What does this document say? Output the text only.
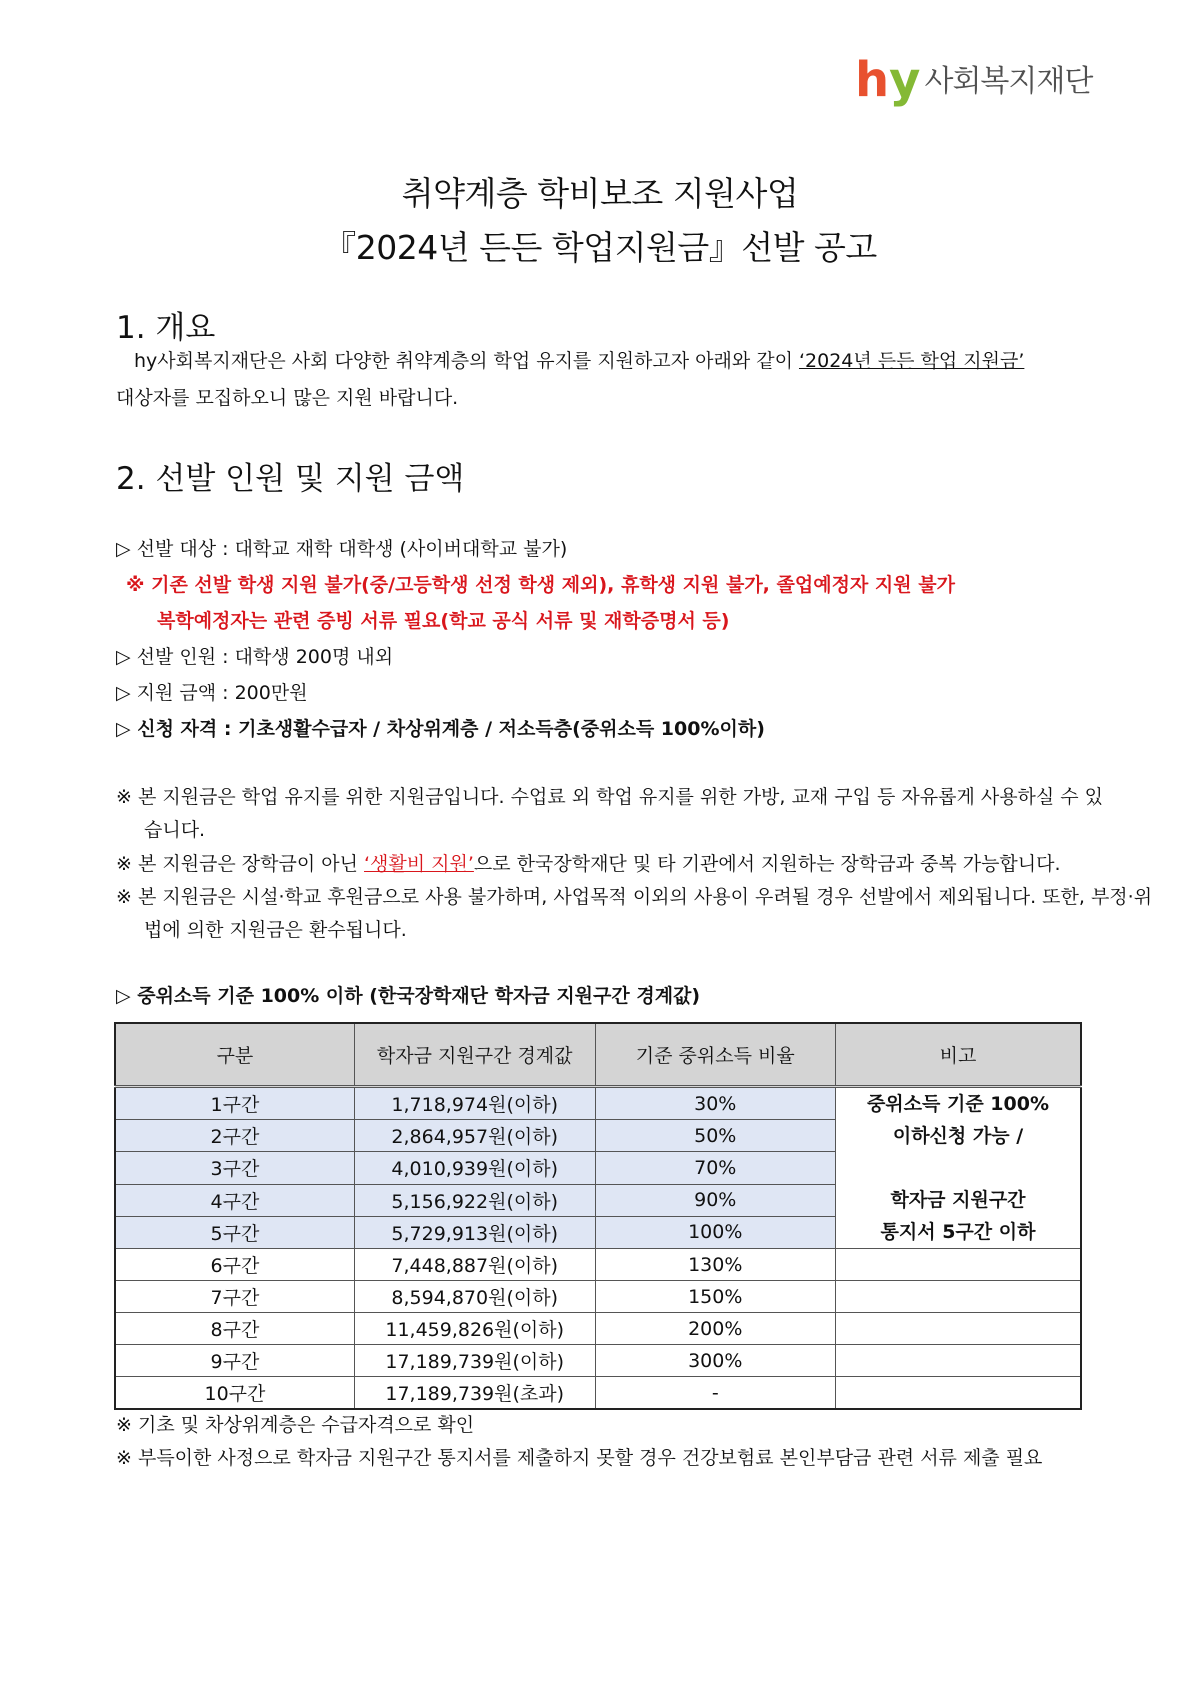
hy 사회복지재단
취약계층 학비보조 지원사업
『2024년 든든 학업지원금』선발 공고
1. 개요
hy사회복지재단은 사회 다양한 취약계층의 학업 유지를 지원하고자 아래와 같이 ‘2024년 든든 학업 지원금’
대상자를 모집하오니 많은 지원 바랍니다.
2. 선발 인원 및 지원 금액
▷ 선발 대상 : 대학교 재학 대학생 (사이버대학교 불가)
※ 기존 선발 학생 지원 불가(중/고등학생 선정 학생 제외), 휴학생 지원 불가, 졸업예정자 지원 불가
복학예정자는 관련 증빙 서류 필요(학교 공식 서류 및 재학증명서 등)
▷ 선발 인원 : 대학생 200명 내외
▷ 지원 금액 : 200만원
▷ 신청 자격 : 기초생활수급자 / 차상위계층 / 저소득층(중위소득 100%이하)
※ 본 지원금은 학업 유지를 위한 지원금입니다. 수업료 외 학업 유지를 위한 가방, 교재 구입 등 자유롭게 사용하실 수 있
습니다.
※ 본 지원금은 장학금이 아닌 ‘생활비 지원’으로 한국장학재단 및 타 기관에서 지원하는 장학금과 중복 가능합니다.
※ 본 지원금은 시설·학교 후원금으로 사용 불가하며, 사업목적 이외의 사용이 우려될 경우 선발에서 제외됩니다. 또한, 부정·위
법에 의한 지원금은 환수됩니다.
▷ 중위소득 기준 100% 이하 (한국장학재단 학자금 지원구간 경계값)
구분	학자금 지원구간 경계값	기준 중위소득 비율	비고
1구간	1,718,974원(이하)	30%	중위소득 기준 100%
이하신청 가능 /
학자금 지원구간
통지서 5구간 이하

2구간	2,864,957원(이하)	50%	
3구간	4,010,939원(이하)	70%	
4구간	5,156,922원(이하)	90%	
5구간	5,729,913원(이하)	100%	
6구간	7,448,887원(이하)	130%	
7구간	8,594,870원(이하)	150%	
8구간	11,459,826원(이하)	200%	
9구간	17,189,739원(이하)	300%	
10구간	17,189,739원(초과)	-	
※ 기초 및 차상위계층은 수급자격으로 확인
※ 부득이한 사정으로 학자금 지원구간 통지서를 제출하지 못할 경우 건강보험료 본인부담금 관련 서류 제출 필요
